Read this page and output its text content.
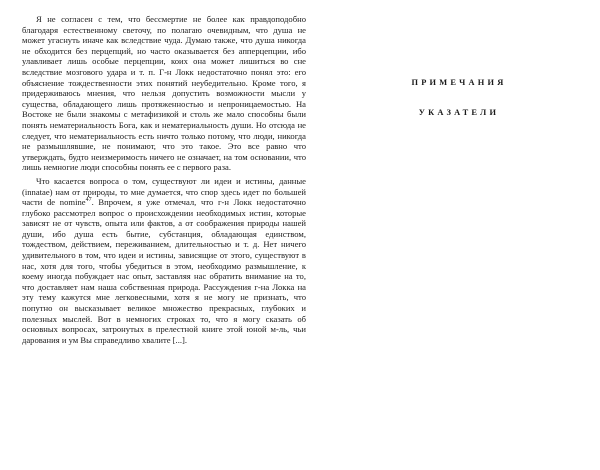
Я не согласен с тем, что бессмертие не более как правдоподобно благодаря естественному светочу, по полагаю очевидным, что душа не может угаснуть иначе как вследствие чуда. Думаю также, что душа никогда не обходится без перцепций, но часто оказывается без апперцепции, ибо улавливает лишь особые перцепции, коих она может лишиться во сне вследствие мозгового удара и т. п. Г-н Локк недостаточно понял это: его объяснение тождественности этих понятий неубедительно. Кроме того, я придерживаюсь мнения, что нельзя допустить возможности мысли у существа, обладающего лишь протяженностью и непроницаемостью. На Востоке не были знакомы с метафизикой и столь же мало способны были понять нематериальность Бога, как и нематериальность души. Но отсюда не следует, что нематериальность есть ничто только потому, что люди, никогда не размышлявшие, не понимают, что это такое. Это все равно что утверждать, будто неизмеримость ничего не означает, на том основании, что лишь немногие люди способны понять ее с первого раза.

Что касается вопроса о том, существуют ли идеи и истины, данные (innatae) нам от природы, то мне думается, что спор здесь идет по большей части de nomine$^{47}$. Впрочем, я уже отмечал, что г-н Локк недостаточно глубоко рассмотрел вопрос о происхождении необходимых истин, которые зависят не от чувств, опыта или фактов, а от соображения природы нашей души, ибо душа есть бытие, субстанция, обладающая единством, тождеством, действием, переживанием, длительностью и т. д. Нет ничего удивительного в том, что идеи и истины, зависящие от этого, существуют в нас, хотя для того, чтобы убедиться в этом, необходимо размышление, к коему иногда побуждает нас опыт, заставляя нас обратить внимание на то, что доставляет нам наша собственная природа. Рассуждения г-на Локка на эту тему кажутся мне легковесными, хотя я не могу не признать, что попутно он высказывает великое множество прекрасных, глубоких и полезных мыслей. Вот в немногих строках то, что я могу сказать об основных вопросах, затронутых в прелестной книге этой юной м-ль, чьи дарования и ум Вы справедливо хвалите [...].

ПРИМЕЧАНИЯ

УКАЗАТЕЛИ
